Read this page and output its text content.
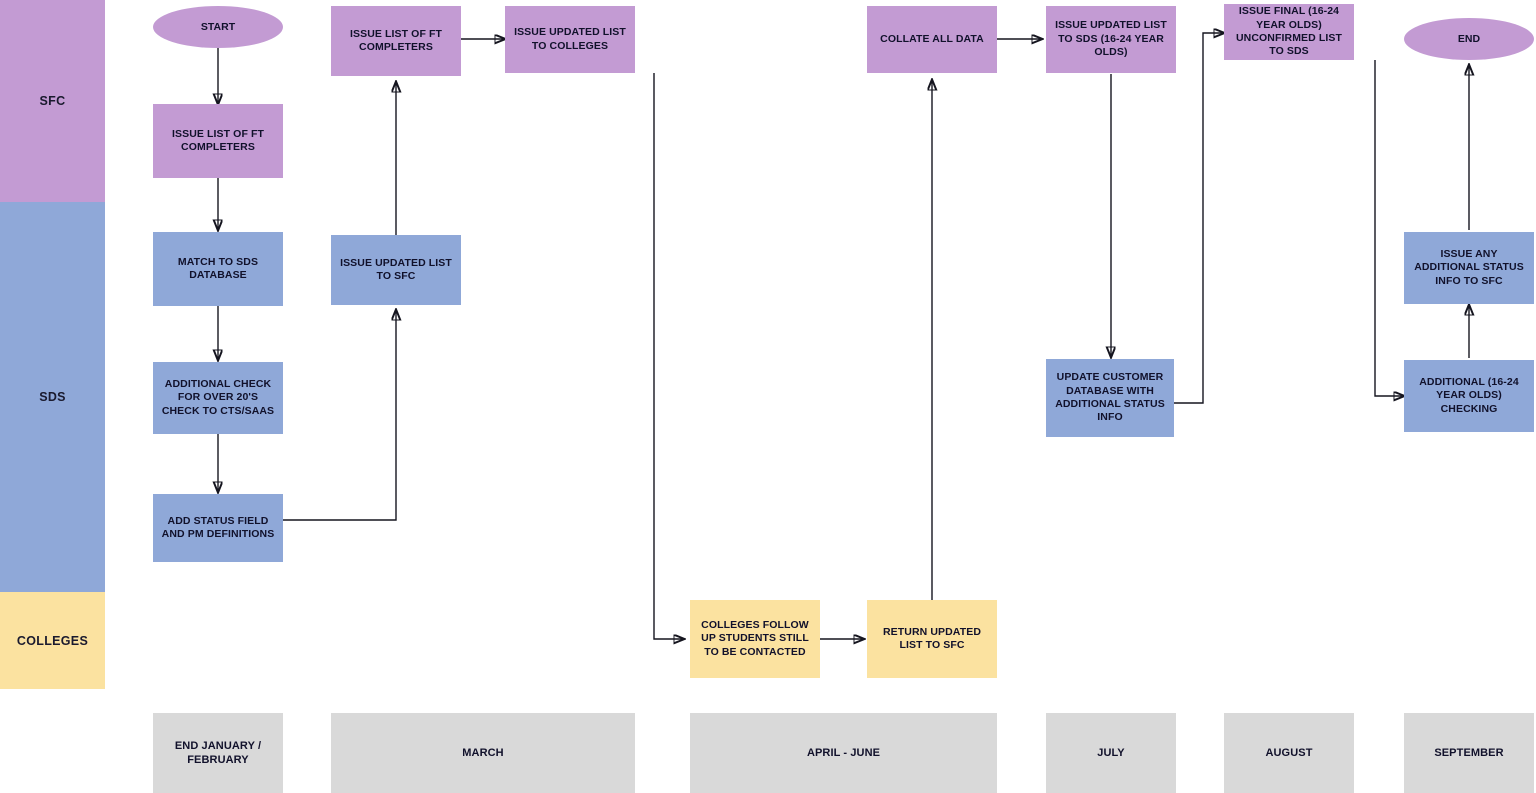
SFC
SDS
COLLEGES
START
END
ISSUE LIST OF FT COMPLETERS
ISSUE LIST OF FT COMPLETERS
ISSUE UPDATED LIST TO COLLEGES
COLLATE ALL DATA
ISSUE UPDATED LIST TO SDS (16-24 YEAR OLDS)
ISSUE FINAL (16-24 YEAR OLDS) UNCONFIRMED LIST TO SDS
MATCH TO SDS DATABASE
ISSUE UPDATED LIST TO SFC
ADDITIONAL CHECK FOR OVER 20'S CHECK TO CTS/SAAS
ADD STATUS FIELD AND PM DEFINITIONS
UPDATE CUSTOMER DATABASE WITH ADDITIONAL STATUS INFO
ISSUE ANY ADDITIONAL STATUS INFO TO SFC
ADDITIONAL (16-24 YEAR OLDS) CHECKING
COLLEGES FOLLOW UP STUDENTS STILL TO BE CONTACTED
RETURN UPDATED LIST TO SFC
END JANUARY / FEBRUARY
MARCH	APRIL - JUNE	JULY	AUGUST	SEPTEMBER
